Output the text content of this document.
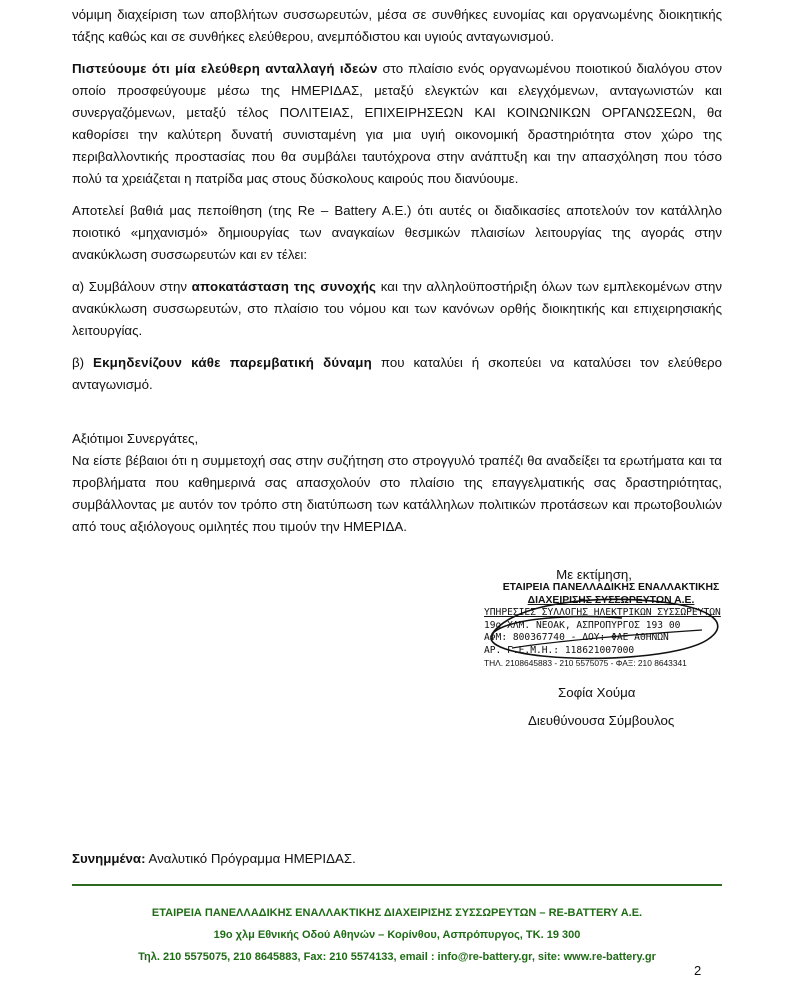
νόμιμη διαχείριση των αποβλήτων συσσωρευτών, μέσα σε συνθήκες ευνομίας και οργανωμένης διοικητικής τάξης καθώς και σε συνθήκες ελεύθερου, ανεμπόδιστου και υγιούς ανταγωνισμού.

Πιστεύουμε ότι μία ελεύθερη ανταλλαγή ιδεών στο πλαίσιο ενός οργανωμένου ποιοτικού διαλόγου στον οποίο προσφεύγουμε μέσω της ΗΜΕΡΙΔΑΣ, μεταξύ ελεγκτών και ελεγχόμενων, ανταγωνιστών και συνεργαζόμενων, μεταξύ τέλος ΠΟΛΙΤΕΙΑΣ, ΕΠΙΧΕΙΡΗΣΕΩΝ ΚΑΙ ΚΟΙΝΩΝΙΚΩΝ ΟΡΓΑΝΩΣΕΩΝ, θα καθορίσει την καλύτερη δυνατή συνισταμένη για μια υγιή οικονομική δραστηριότητα στον χώρο της περιβαλλοντικής προστασίας που θα συμβάλει ταυτόχρονα στην ανάπτυξη και την απασχόληση που τόσο πολύ τα χρειάζεται η πατρίδα μας στους δύσκολους καιρούς που διανύουμε.

Αποτελεί βαθιά μας πεποίθηση (της Re – Battery A.E.) ότι αυτές οι διαδικασίες αποτελούν τον κατάλληλο ποιοτικό «μηχανισμό» δημιουργίας των αναγκαίων θεσμικών πλαισίων λειτουργίας της αγοράς στην ανακύκλωση συσσωρευτών και εν τέλει:

α) Συμβάλουν στην αποκατάσταση της συνοχής και την αλληλοϋποστήριξη όλων των εμπλεκομένων στην ανακύκλωση συσσωρευτών, στο πλαίσιο του νόμου και των κανόνων ορθής διοικητικής και επιχειρησιακής λειτουργίας.

β) Εκμηδενίζουν κάθε παρεμβατική δύναμη που καταλύει ή σκοπεύει να καταλύσει τον ελεύθερο ανταγωνισμό.

Αξιότιμοι Συνεργάτες,

Να είστε βέβαιοι ότι η συμμετοχή σας στην συζήτηση στο στρογγυλό τραπέζι θα αναδείξει τα ερωτήματα και τα προβλήματα που καθημερινά σας απασχολούν στο πλαίσιο της επαγγελματικής σας δραστηριότητας, συμβάλλοντας με αυτόν τον τρόπο στη διατύπωση των κατάλληλων πολιτικών προτάσεων και πρωτοβουλιών από τους αξιόλογους ομιλητές που τιμούν την ΗΜΕΡΙΔΑ.

Με εκτίμηση,
ΕΤΑΙΡΕΙΑ ΠΑΝΕΛΛΑΔΙΚΗΣ ΕΝΑΛΛΑΚΤΙΚΗΣ
ΔΙΑΧΕΙΡΙΣΗΣ ΣΥΣΣΩΡΕΥΤΩΝ Α.Ε.
ΥΠΗΡΕΣΙΕΣ ΣΥΛΛΟΓΗΣ ΗΛΕΚΤΡΙΚΩΝ ΣΥΣΣΩΡΕΥΤΩΝ
19ο ΧΛΜ. ΝΕΟΑΚ, ΑΣΠΡΟΠΥΡΓΟΣ 193 00
ΑΦΜ: 800367740 - ΔΟΥ: ΦΑΕ ΑΘΗΝΩΝ
ΑΡ. Γ.Ε.Μ.Η.: 118621007000
ΤΗΛ. 2108645883 - 210 5575075 - ΦΑΞ: 210 8643341
Σοφία Χούμα
Διευθύνουσα Σύμβουλος
Συνημμένα: Αναλυτικό Πρόγραμμα ΗΜΕΡΙΔΑΣ.
ΕΤΑΙΡΕΙΑ ΠΑΝΕΛΛΑΔΙΚΗΣ ΕΝΑΛΛΑΚΤΙΚΗΣ ΔΙΑΧΕΙΡΙΣΗΣ ΣΥΣΣΩΡΕΥΤΩΝ – RE-BATTERY A.E.
19ο χλμ Εθνικής Οδού Αθηνών – Κορίνθου, Ασπρόπυργος, ΤΚ. 19 300
Τηλ. 210 5575075, 210 8645883, Fax: 210 5574133, email : info@re-battery.gr, site: www.re-battery.gr
2
